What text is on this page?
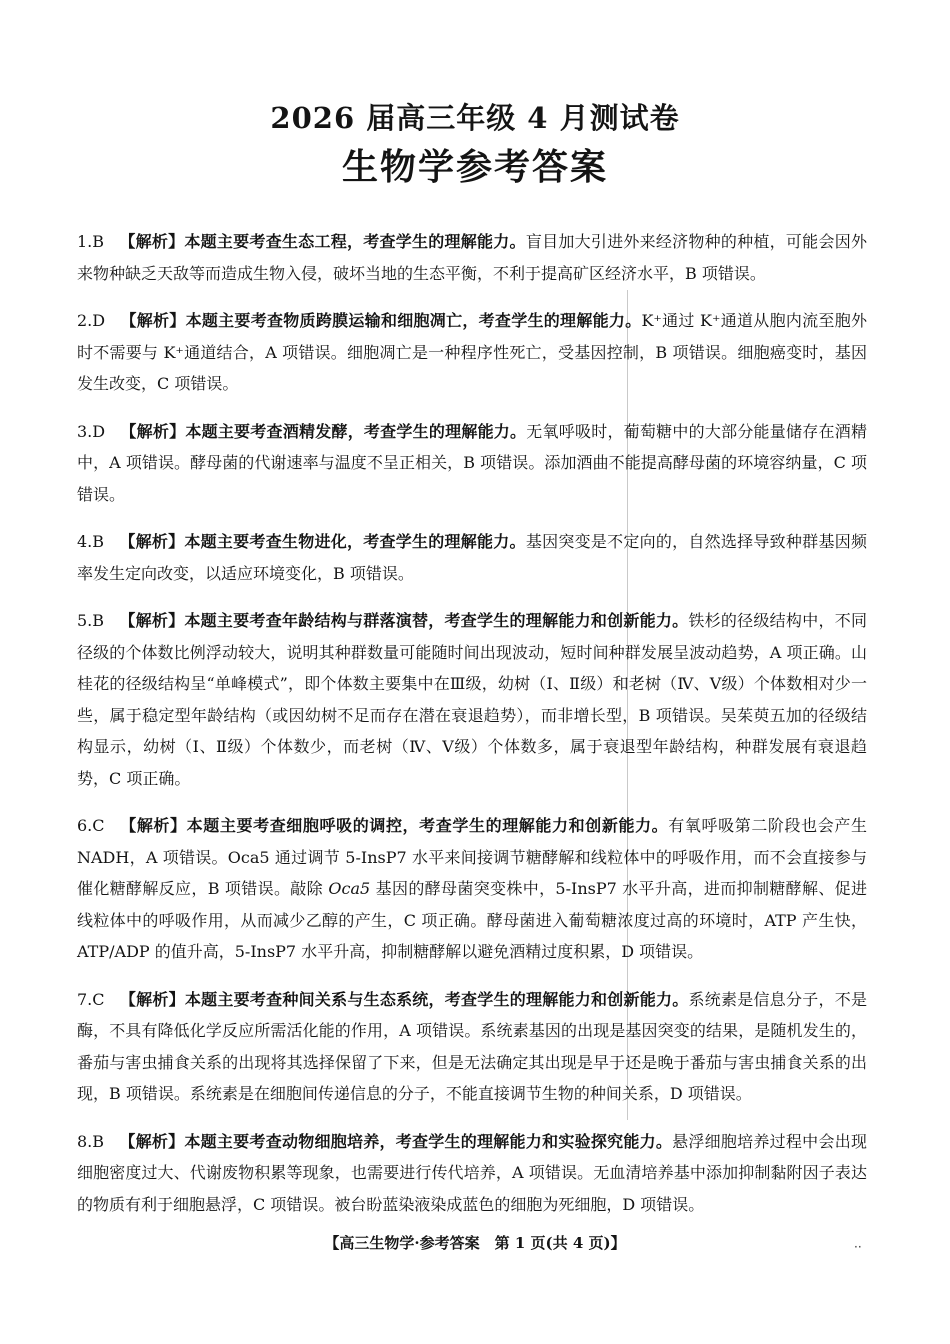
2026 届高三年级 4 月测试卷
生物学参考答案

1.B 【解析】本题主要考查生态工程，考查学生的理解能力。盲目加大引进外来经济物种的种植，可能会因外来物种缺乏天敌等而造成生物入侵，破坏当地的生态平衡，不利于提高矿区经济水平，B 项错误。

2.D 【解析】本题主要考查物质跨膜运输和细胞凋亡，考查学生的理解能力。K⁺通过 K⁺通道从胞内流至胞外时不需要与 K⁺通道结合，A 项错误。细胞凋亡是一种程序性死亡，受基因控制，B 项错误。细胞癌变时，基因发生改变，C 项错误。

3.D 【解析】本题主要考查酒精发酵，考查学生的理解能力。无氧呼吸时，葡萄糖中的大部分能量储存在酒精中，A 项错误。酵母菌的代谢速率与温度不呈正相关，B 项错误。添加酒曲不能提高酵母菌的环境容纳量，C 项错误。

4.B 【解析】本题主要考查生物进化，考查学生的理解能力。基因突变是不定向的，自然选择导致种群基因频率发生定向改变，以适应环境变化，B 项错误。

5.B 【解析】本题主要考查年龄结构与群落演替，考查学生的理解能力和创新能力。铁杉的径级结构中，不同径级的个体数比例浮动较大，说明其种群数量可能随时间出现波动，短时间种群发展呈波动趋势，A 项正确。山桂花的径级结构呈“单峰模式”，即个体数主要集中在Ⅲ级，幼树（Ⅰ、Ⅱ级）和老树（Ⅳ、Ⅴ级）个体数相对少一些，属于稳定型年龄结构（或因幼树不足而存在潜在衰退趋势），而非增长型，B 项错误。吴茱萸五加的径级结构显示，幼树（Ⅰ、Ⅱ级）个体数少，而老树（Ⅳ、Ⅴ级）个体数多，属于衰退型年龄结构，种群发展有衰退趋势，C 项正确。

6.C 【解析】本题主要考查细胞呼吸的调控，考查学生的理解能力和创新能力。有氧呼吸第二阶段也会产生 NADH，A 项错误。Oca5 通过调节 5-InsP7 水平来间接调节糖酵解和线粒体中的呼吸作用，而不会直接参与催化糖酵解反应，B 项错误。敲除 Oca5 基因的酵母菌突变株中，5-InsP7 水平升高，进而抑制糖酵解、促进线粒体中的呼吸作用，从而减少乙醇的产生，C 项正确。酵母菌进入葡萄糖浓度过高的环境时，ATP 产生快，ATP/ADP 的值升高，5-InsP7 水平升高，抑制糖酵解以避免酒精过度积累，D 项错误。

7.C 【解析】本题主要考查种间关系与生态系统，考查学生的理解能力和创新能力。系统素是信息分子，不是酶，不具有降低化学反应所需活化能的作用，A 项错误。系统素基因的出现是基因突变的结果，是随机发生的，番茄与害虫捕食关系的出现将其选择保留了下来，但是无法确定其出现是早于还是晚于番茄与害虫捕食关系的出现，B 项错误。系统素是在细胞间传递信息的分子，不能直接调节生物的种间关系，D 项错误。

8.B 【解析】本题主要考查动物细胞培养，考查学生的理解能力和实验探究能力。悬浮细胞培养过程中会出现细胞密度过大、代谢废物积累等现象，也需要进行传代培养，A 项错误。无血清培养基中添加抑制黏附因子表达的物质有利于细胞悬浮，C 项错误。被台盼蓝染液染成蓝色的细胞为死细胞，D 项错误。

【高三生物学·参考答案　第 1 页(共 4 页)】	··
